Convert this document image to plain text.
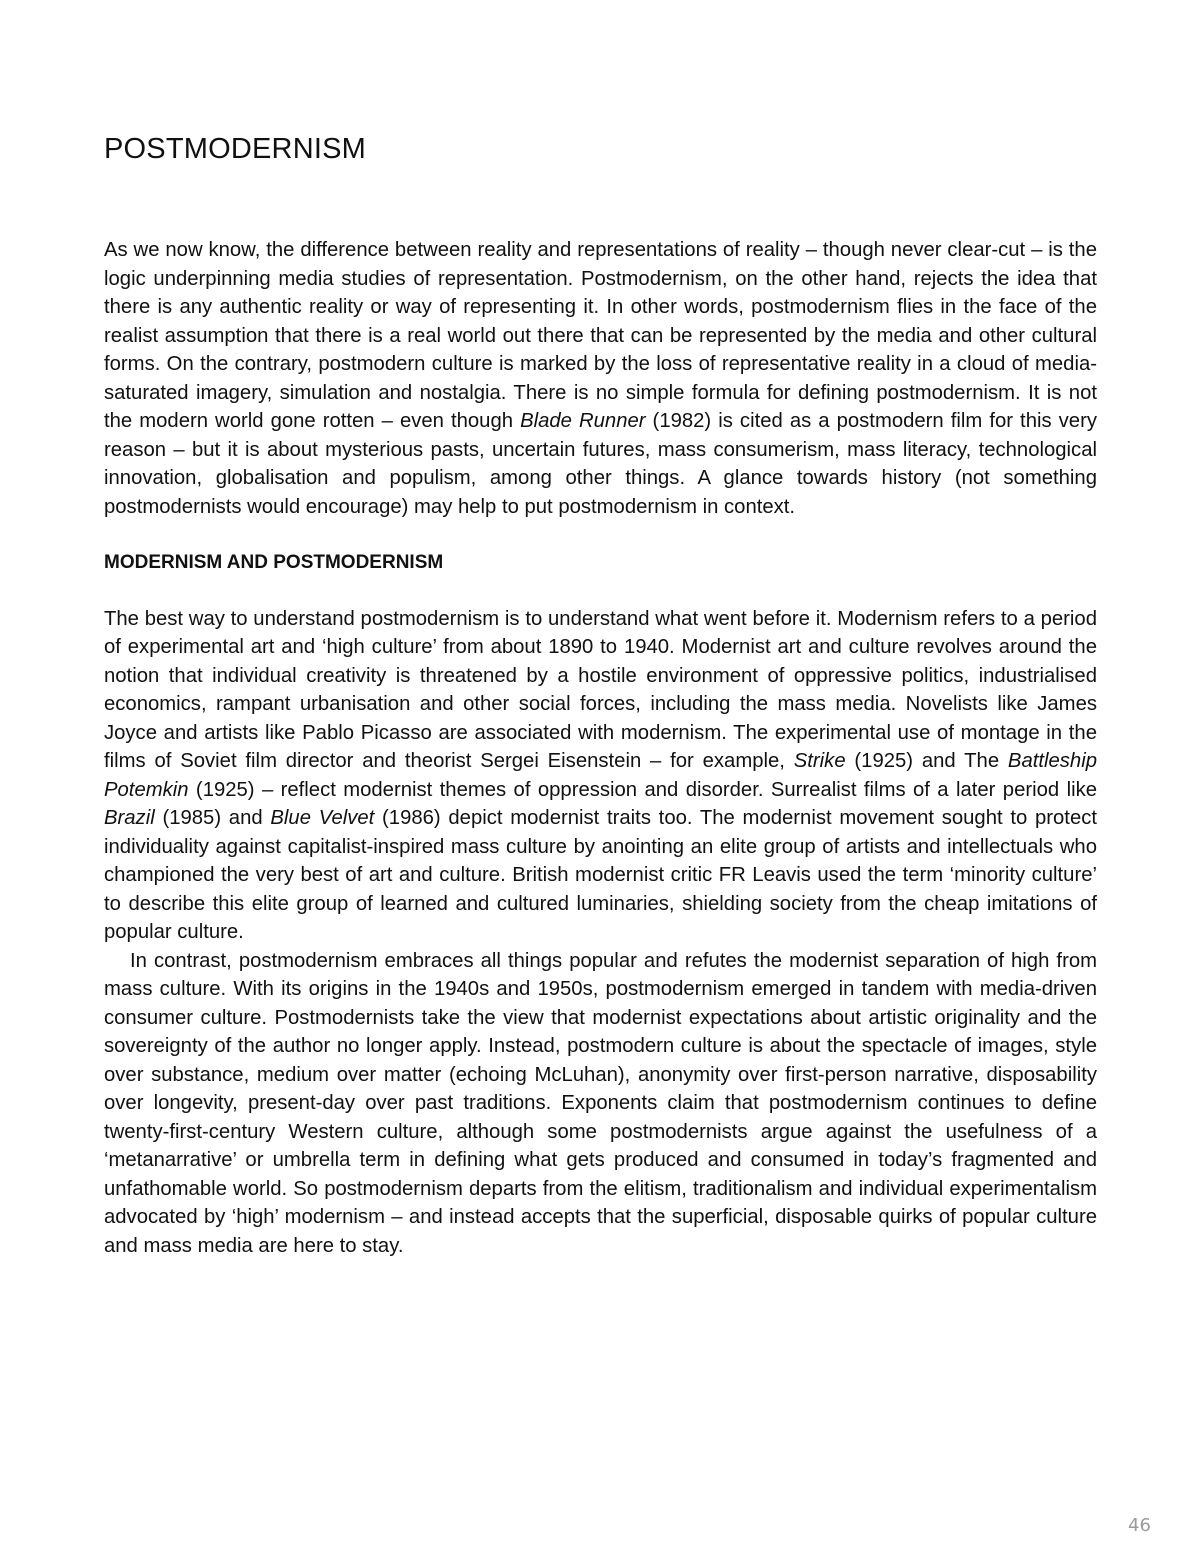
POSTMODERNISM

As we now know, the difference between reality and representations of reality – though never clear-cut – is the logic underpinning media studies of representation. Postmodernism, on the other hand, rejects the idea that there is any authentic reality or way of representing it. In other words, postmodernism flies in the face of the realist assumption that there is a real world out there that can be represented by the media and other cultural forms. On the contrary, postmodern culture is marked by the loss of representative reality in a cloud of media-saturated imagery, simulation and nostalgia. There is no simple formula for defining postmodernism. It is not the modern world gone rotten – even though Blade Runner (1982) is cited as a postmodern film for this very reason – but it is about mysterious pasts, uncertain futures, mass consumerism, mass literacy, technological innovation, globalisation and populism, among other things. A glance towards history (not something postmodernists would encourage) may help to put postmodernism in context.

MODERNISM AND POSTMODERNISM

The best way to understand postmodernism is to understand what went before it. Modernism refers to a period of experimental art and ‘high culture’ from about 1890 to 1940. Modernist art and culture revolves around the notion that individual creativity is threatened by a hostile environment of oppressive politics, industrialised economics, rampant urbanisation and other social forces, including the mass media. Novelists like James Joyce and artists like Pablo Picasso are associated with modernism. The experimental use of montage in the films of Soviet film director and theorist Sergei Eisenstein – for example, Strike (1925) and The Battleship Potemkin (1925) – reflect modernist themes of oppression and disorder. Surrealist films of a later period like Brazil (1985) and Blue Velvet (1986) depict modernist traits too. The modernist movement sought to protect individuality against capitalist-inspired mass culture by anointing an elite group of artists and intellectuals who championed the very best of art and culture. British modernist critic FR Leavis used the term ‘minority culture’ to describe this elite group of learned and cultured luminaries, shielding society from the cheap imitations of popular culture.

In contrast, postmodernism embraces all things popular and refutes the modernist separation of high from mass culture. With its origins in the 1940s and 1950s, postmodernism emerged in tandem with media-driven consumer culture. Postmodernists take the view that modernist expectations about artistic originality and the sovereignty of the author no longer apply. Instead, postmodern culture is about the spectacle of images, style over substance, medium over matter (echoing McLuhan), anonymity over first-person narrative, disposability over longevity, present-day over past traditions. Exponents claim that postmodernism continues to define twenty-first-century Western culture, although some postmodernists argue against the usefulness of a ‘metanarrative’ or umbrella term in defining what gets produced and consumed in today’s fragmented and unfathomable world. So postmodernism departs from the elitism, traditionalism and individual experimentalism advocated by ‘high’ modernism – and instead accepts that the superficial, disposable quirks of popular culture and mass media are here to stay.

46
